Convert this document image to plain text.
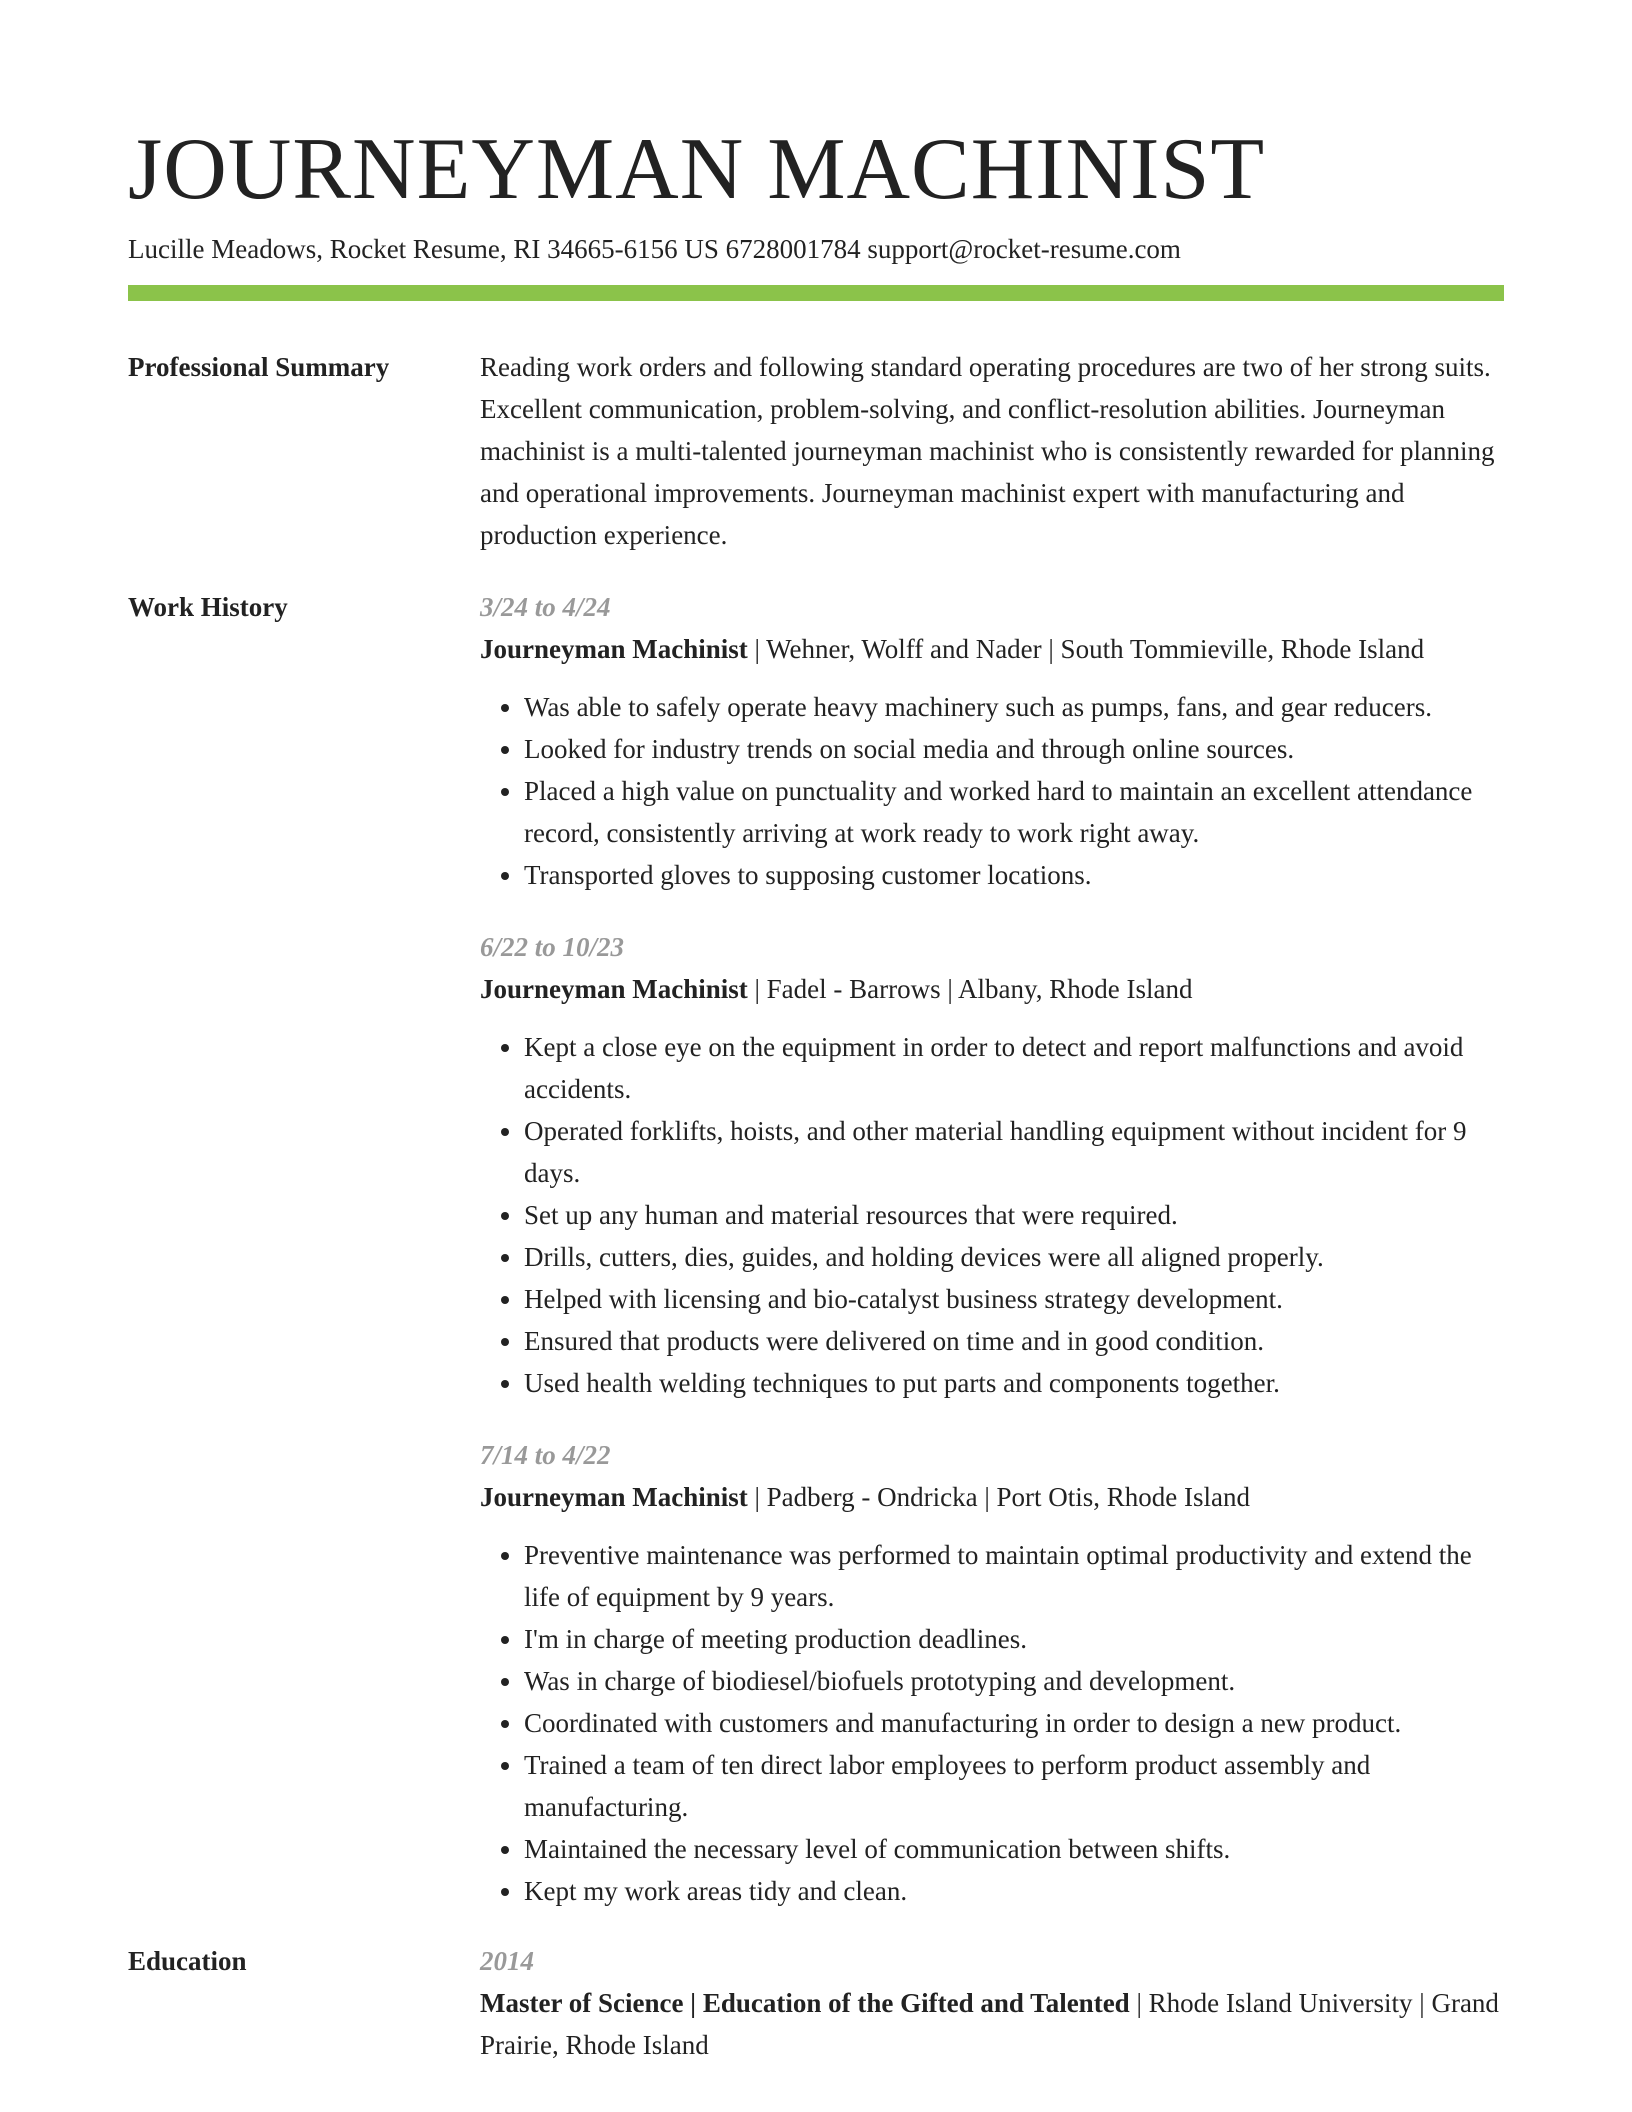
JOURNEYMAN MACHINIST
Lucille Meadows, Rocket Resume, RI 34665-6156 US 6728001784 support@rocket-resume.com
Professional Summary	Reading work orders and following standard operating procedures are two of her strong suits. Excellent communication, problem-solving, and conflict-resolution abilities. Journeyman machinist is a multi-talented journeyman machinist who is consistently rewarded for planning and operational improvements. Journeyman machinist expert with manufacturing and production experience.

Work History	3/24 to 4/24

Journeyman Machinist | Wehner, Wolff and Nader | South Tommieville, Rhode Island

• Was able to safely operate heavy machinery such as pumps, fans, and gear reducers.
• Looked for industry trends on social media and through online sources.
• Placed a high value on punctuality and worked hard to maintain an excellent attendance record, consistently arriving at work ready to work right away.
• Transported gloves to supposing customer locations.

6/22 to 10/23

Journeyman Machinist | Fadel - Barrows | Albany, Rhode Island

• Kept a close eye on the equipment in order to detect and report malfunctions and avoid accidents.
• Operated forklifts, hoists, and other material handling equipment without incident for 9 days.
• Set up any human and material resources that were required.
• Drills, cutters, dies, guides, and holding devices were all aligned properly.
• Helped with licensing and bio-catalyst business strategy development.
• Ensured that products were delivered on time and in good condition.
• Used health welding techniques to put parts and components together.

7/14 to 4/22

Journeyman Machinist | Padberg - Ondricka | Port Otis, Rhode Island

• Preventive maintenance was performed to maintain optimal productivity and extend the life of equipment by 9 years.
• I'm in charge of meeting production deadlines.
• Was in charge of biodiesel/biofuels prototyping and development.
• Coordinated with customers and manufacturing in order to design a new product.
• Trained a team of ten direct labor employees to perform product assembly and manufacturing.
• Maintained the necessary level of communication between shifts.
• Kept my work areas tidy and clean.
Education	2014

Master of Science | Education of the Gifted and Talented | Rhode Island University | Grand Prairie, Rhode Island
